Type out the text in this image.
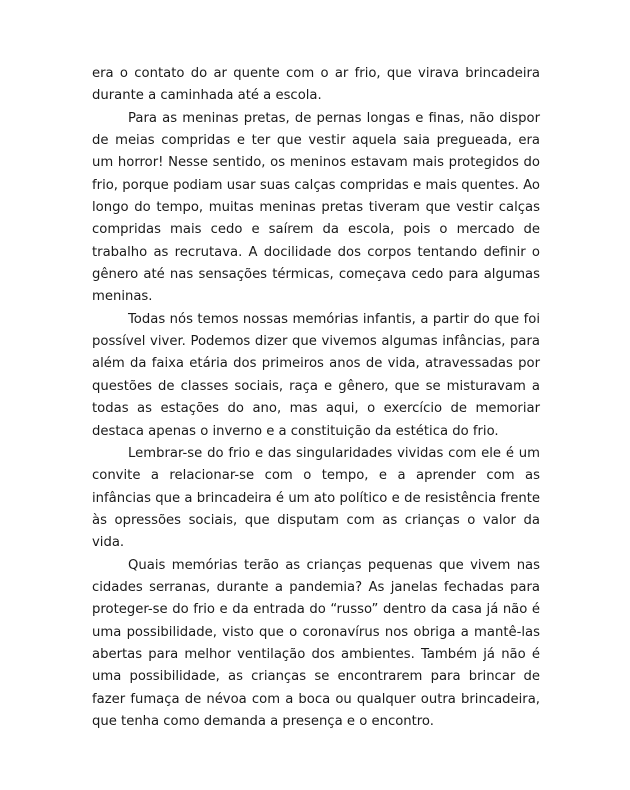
era o contato do ar quente com o ar frio, que virava brincadeira durante a caminhada até a escola.

Para as meninas pretas, de pernas longas e finas, não dispor de meias compridas e ter que vestir aquela saia pregueada, era um horror! Nesse sentido, os meninos estavam mais protegidos do frio, porque podiam usar suas calças compridas e mais quentes. Ao longo do tempo, muitas meninas pretas tiveram que vestir calças compridas mais cedo e saírem da escola, pois o mercado de trabalho as recrutava. A docilidade dos corpos tentando definir o gênero até nas sensações térmicas, começava cedo para algumas meninas.

Todas nós temos nossas memórias infantis, a partir do que foi possível viver. Podemos dizer que vivemos algumas infâncias, para além da faixa etária dos primeiros anos de vida, atravessadas por questões de classes sociais, raça e gênero, que se misturavam a todas as estações do ano, mas aqui, o exercício de memoriar destaca apenas o inverno e a constituição da estética do frio.

Lembrar-se do frio e das singularidades vividas com ele é um convite a relacionar-se com o tempo, e a aprender com as infâncias que a brincadeira é um ato político e de resistência frente às opressões sociais, que disputam com as crianças o valor da vida.

Quais memórias terão as crianças pequenas que vivem nas cidades serranas, durante a pandemia? As janelas fechadas para proteger-se do frio e da entrada do “russo” dentro da casa já não é uma possibilidade, visto que o coronavírus nos obriga a mantê-las abertas para melhor ventilação dos ambientes. Também já não é uma possibilidade, as crianças se encontrarem para brincar de fazer fumaça de névoa com a boca ou qualquer outra brincadeira, que tenha como demanda a presença e o encontro.
